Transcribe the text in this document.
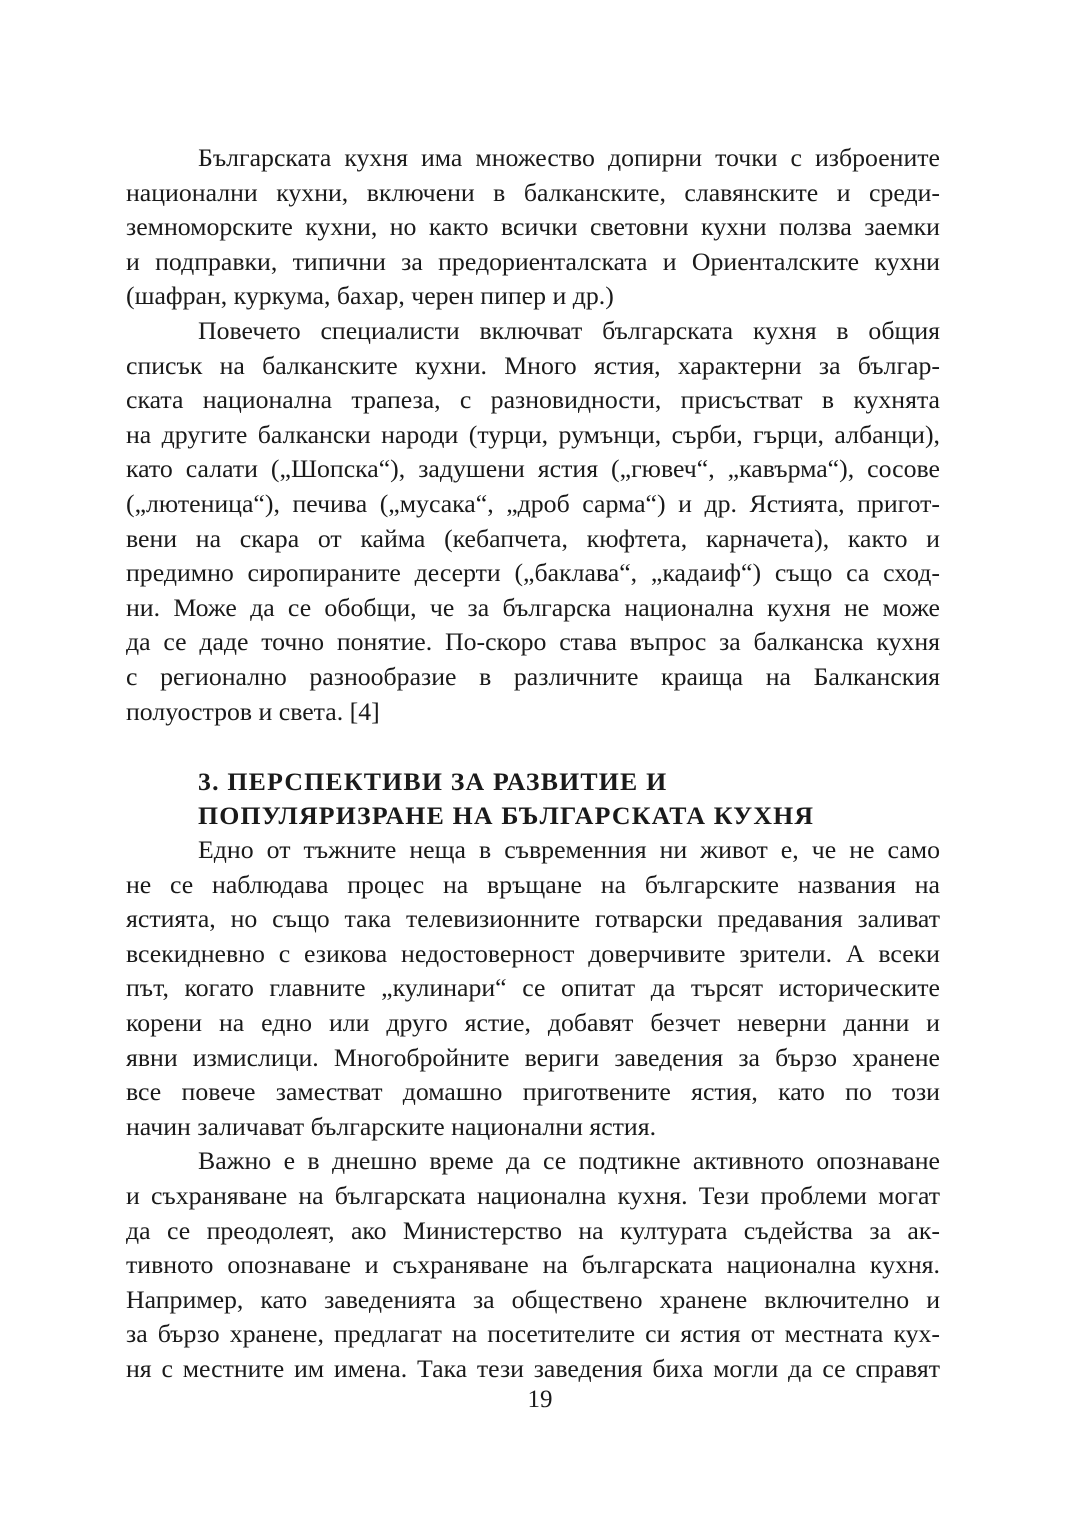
Българската кухня има множество допирни точки с изброените
национални кухни, включени в балканските, славянските и среди-
земноморските кухни, но както всички световни кухни ползва заемки
и подправки, типични за предориенталската и Ориенталските кухни
(шафран, куркума, бахар, черен пипер и др.)
Повечето специалисти включват българската кухня в общия
списък на балканските кухни. Много ястия, характерни за българ-
ската национална трапеза, с разновидности, присъстват в кухнята
на другите балкански народи (турци, румънци, сърби, гърци, албанци),
като салати („Шопска“), задушени ястия („гювеч“, „кавърма“), сосове
(„лютеница“), печива („мусака“, „дроб сарма“) и др. Ястията, пригот-
вени на скара от кайма (кебапчета, кюфтета, карначета), както и
предимно сиропираните десерти („баклава“, „кадаиф“) също са сход-
ни. Може да се обобщи, че за българска национална кухня не може
да се даде точно понятие. По-скоро става въпрос за балканска кухня
с регионално разнообразие в различните краища на Балканския
полуостров и света. [4]
3. ПЕРСПЕКТИВИ ЗА РАЗВИТИЕ И
ПОПУЛЯРИЗРАНЕ НА БЪЛГАРСКАТА КУХНЯ
Едно от тъжните неща в съвременния ни живот е, че не само
не се наблюдава процес на връщане на българските названия на
ястията, но също така телевизионните готварски предавания заливат
всекидневно с езикова недостоверност доверчивите зрители. А всеки
път, когато главните „кулинари“ се опитат да търсят историческите
корени на едно или друго ястие, добавят безчет неверни данни и
явни измислици. Многобройните вериги заведения за бързо хранене
все повече заместват домашно приготвените ястия, като по този
начин заличават българските национални ястия.
Важно е в днешно време да се подтикне активното опознаване
и съхраняване на българската национална кухня. Тези проблеми могат
да се преодолеят, ако Министерство на културата съдейства за ак-
тивното опознаване и съхраняване на българската национална кухня.
Например, като заведенията за обществено хранене включително и
за бързо хранене, предлагат на посетителите си ястия от местната кух-
ня с местните им имена. Така тези заведения биха могли да се справят
19
